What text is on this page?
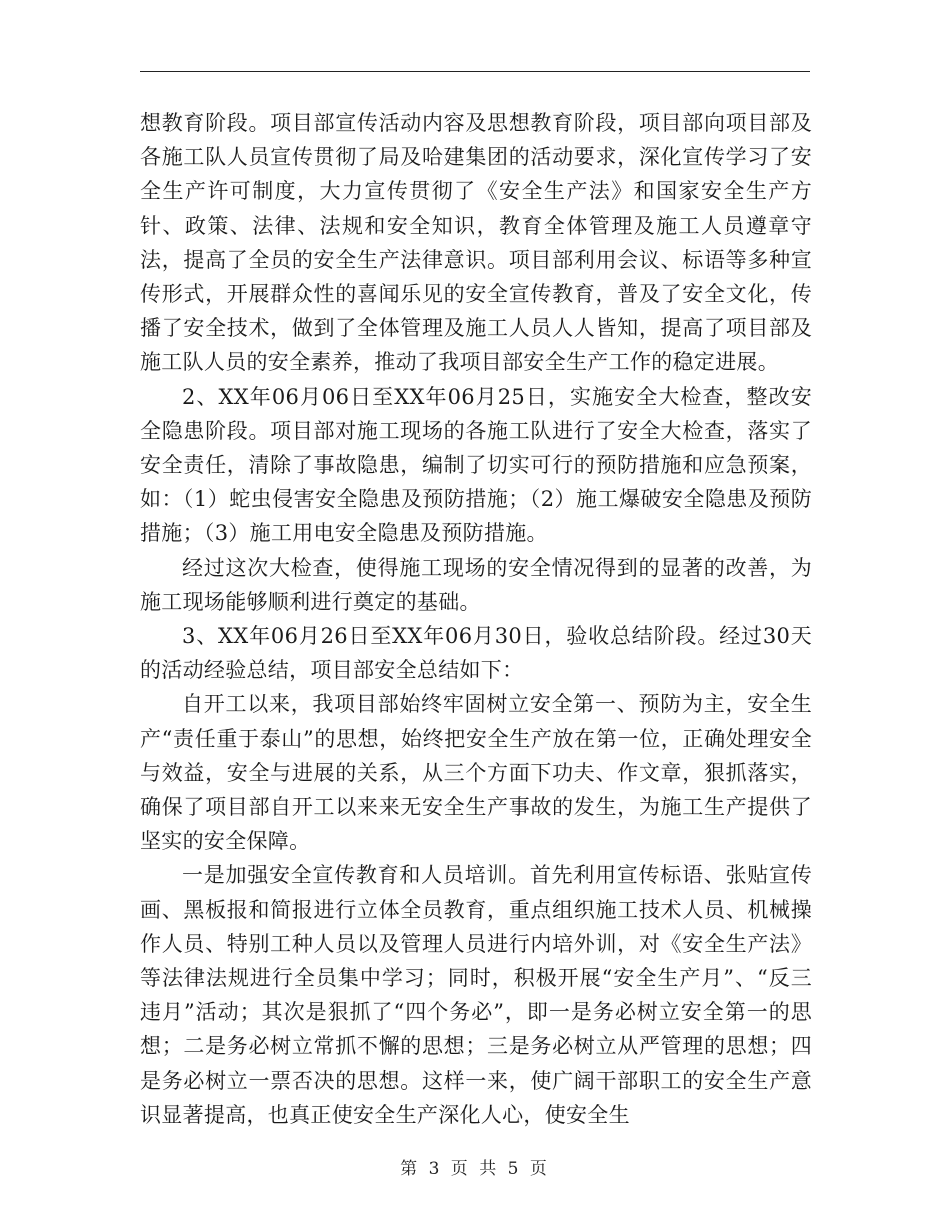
想教育阶段。项目部宣传活动内容及思想教育阶段，项目部向项目部及各施工队人员宣传贯彻了局及哈建集团的活动要求，深化宣传学习了安全生产许可制度，大力宣传贯彻了《安全生产法》和国家安全生产方针、政策、法律、法规和安全知识，教育全体管理及施工人员遵章守法，提高了全员的安全生产法律意识。项目部利用会议、标语等多种宣传形式，开展群众性的喜闻乐见的安全宣传教育，普及了安全文化，传播了安全技术，做到了全体管理及施工人员人人皆知，提高了项目部及施工队人员的安全素养，推动了我项目部安全生产工作的稳定进展。

2、XX年06月06日至XX年06月25日，实施安全大检查，整改安全隐患阶段。项目部对施工现场的各施工队进行了安全大检查，落实了安全责任，清除了事故隐患，编制了切实可行的预防措施和应急预案，如：（1）蛇虫侵害安全隐患及预防措施；（2）施工爆破安全隐患及预防措施；（3）施工用电安全隐患及预防措施。

经过这次大检查，使得施工现场的安全情况得到的显著的改善，为施工现场能够顺利进行奠定的基础。

3、XX年06月26日至XX年06月30日，验收总结阶段。经过30天的活动经验总结，项目部安全总结如下：

自开工以来，我项目部始终牢固树立安全第一、预防为主，安全生产“责任重于泰山”的思想，始终把安全生产放在第一位，正确处理安全与效益，安全与进展的关系，从三个方面下功夫、作文章，狠抓落实，确保了项目部自开工以来来无安全生产事故的发生，为施工生产提供了坚实的安全保障。

一是加强安全宣传教育和人员培训。首先利用宣传标语、张贴宣传画、黑板报和简报进行立体全员教育，重点组织施工技术人员、机械操作人员、特别工种人员以及管理人员进行内培外训，对《安全生产法》等法律法规进行全员集中学习；同时，积极开展“安全生产月”、“反三违月”活动；其次是狠抓了“四个务必”，即一是务必树立安全第一的思想；二是务必树立常抓不懈的思想；三是务必树立从严管理的思想；四是务必树立一票否决的思想。这样一来，使广阔干部职工的安全生产意识显著提高，也真正使安全生产深化人心，使安全生

第 3 页 共 5 页
